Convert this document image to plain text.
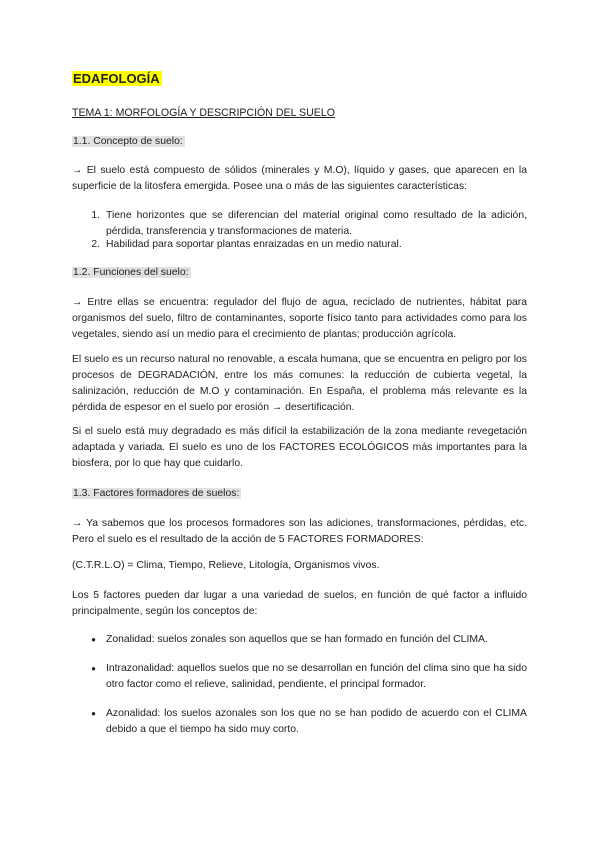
EDAFOLOGÍA
TEMA 1: MORFOLOGÍA Y DESCRIPCIÓN DEL SUELO
1.1. Concepto de suelo:

→ El suelo está compuesto de sólidos (minerales y M.O), líquido y gases, que aparecen en la superficie de la litosfera emergida. Posee una o más de las siguientes características:

1. Tiene horizontes que se diferencian del material original como resultado de la adición, pérdida, transferencia y transformaciones de materia.

2. Habilidad para soportar plantas enraizadas en un medio natural.

1.2. Funciones del suelo:

→ Entre ellas se encuentra: regulador del flujo de agua, reciclado de nutrientes, hábitat para organismos del suelo, filtro de contaminantes, soporte físico tanto para actividades como para los vegetales, siendo así un medio para el crecimiento de plantas; producción agrícola.

El suelo es un recurso natural no renovable, a escala humana, que se encuentra en peligro por los procesos de DEGRADACIÓN, entre los más comunes: la reducción de cubierta vegetal, la salinización, reducción de M.O y contaminación. En España, el problema más relevante es la pérdida de espesor en el suelo por erosión → desertificación.

Si el suelo está muy degradado es más difícil la estabilización de la zona mediante revegetación adaptada y variada. El suelo es uno de los FACTORES ECOLÓGICOS más importantes para la biosfera, por lo que hay que cuidarlo.

1.3. Factores formadores de suelos:

→ Ya sabemos que los procesos formadores son las adiciones, transformaciones, pérdidas, etc. Pero el suelo es el resultado de la acción de 5 FACTORES FORMADORES:

(C.T.R.L.O) = Clima, Tiempo, Relieve, Litología, Organismos vivos.

Los 5 factores pueden dar lugar a una variedad de suelos, en función de qué factor a influido principalmente, según los conceptos de:

● Zonalidad: suelos zonales son aquellos que se han formado en función del CLIMA.

● Intrazonalidad: aquellos suelos que no se desarrollan en función del clima sino que ha sido otro factor como el relieve, salinidad, pendiente, el principal formador.

● Azonalidad: los suelos azonales son los que no se han podido de acuerdo con el CLIMA debido a que el tiempo ha sido muy corto.
